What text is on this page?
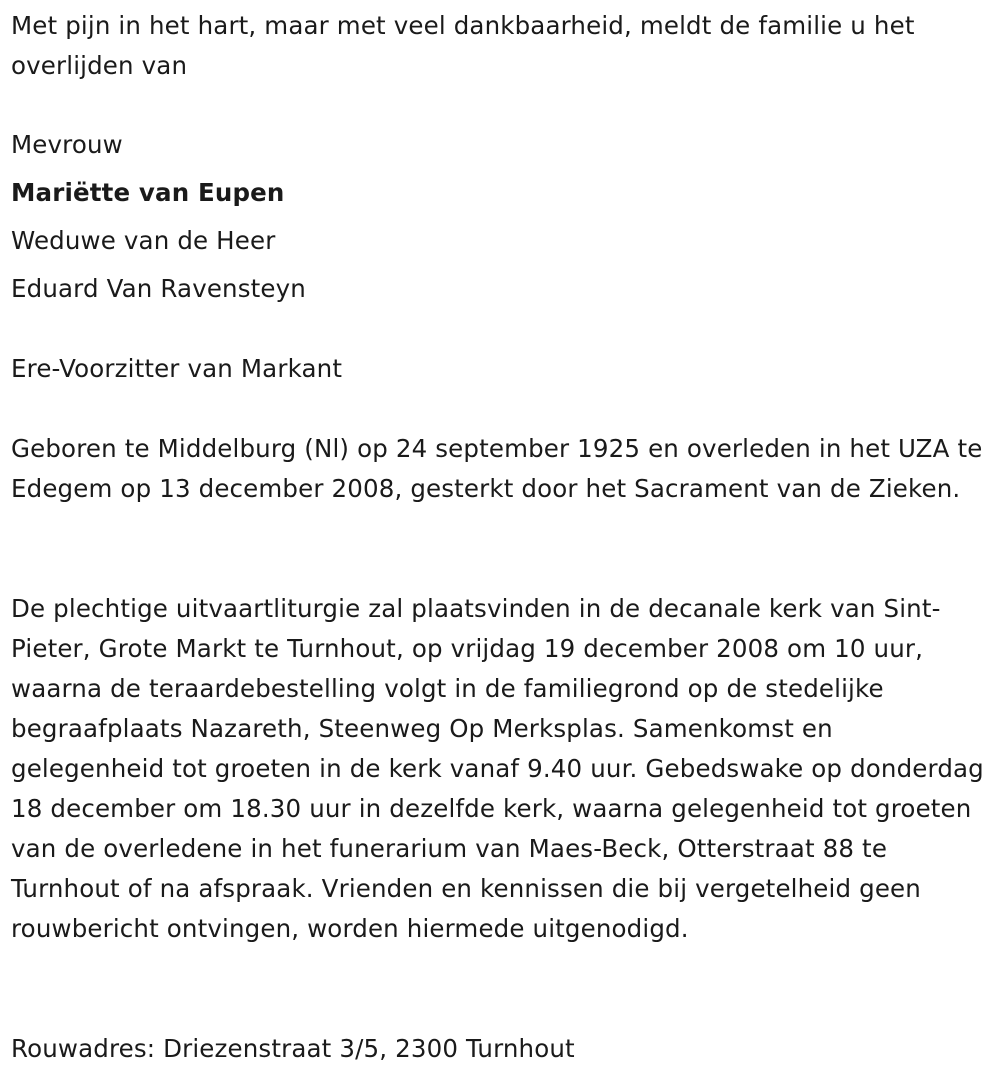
Met pijn in het hart, maar met veel dankbaarheid, meldt de familie u het overlijden van

Mevrouw
Mariëtte van Eupen
Weduwe van de Heer
Eduard Van Ravensteyn
Ere-Voorzitter van Markant

Geboren te Middelburg (Nl) op 24 september 1925 en overleden in het UZA te Edegem op 13 december 2008, gesterkt door het Sacrament van de Zieken.

De plechtige uitvaartliturgie zal plaatsvinden in de decanale kerk van Sint-Pieter, Grote Markt te Turnhout, op vrijdag 19 december 2008 om 10 uur, waarna de teraardebestelling volgt in de familiegrond op de stedelijke begraafplaats Nazareth, Steenweg Op Merksplas. Samenkomst en gelegenheid tot groeten in de kerk vanaf 9.40 uur. Gebedswake op donderdag 18 december om 18.30 uur in dezelfde kerk, waarna gelegenheid tot groeten van de overledene in het funerarium van Maes-Beck, Otterstraat 88 te Turnhout of na afspraak. Vrienden en kennissen die bij vergetelheid geen rouwbericht ontvingen, worden hiermede uitgenodigd.

Rouwadres: Driezenstraat 3/5, 2300 Turnhout
